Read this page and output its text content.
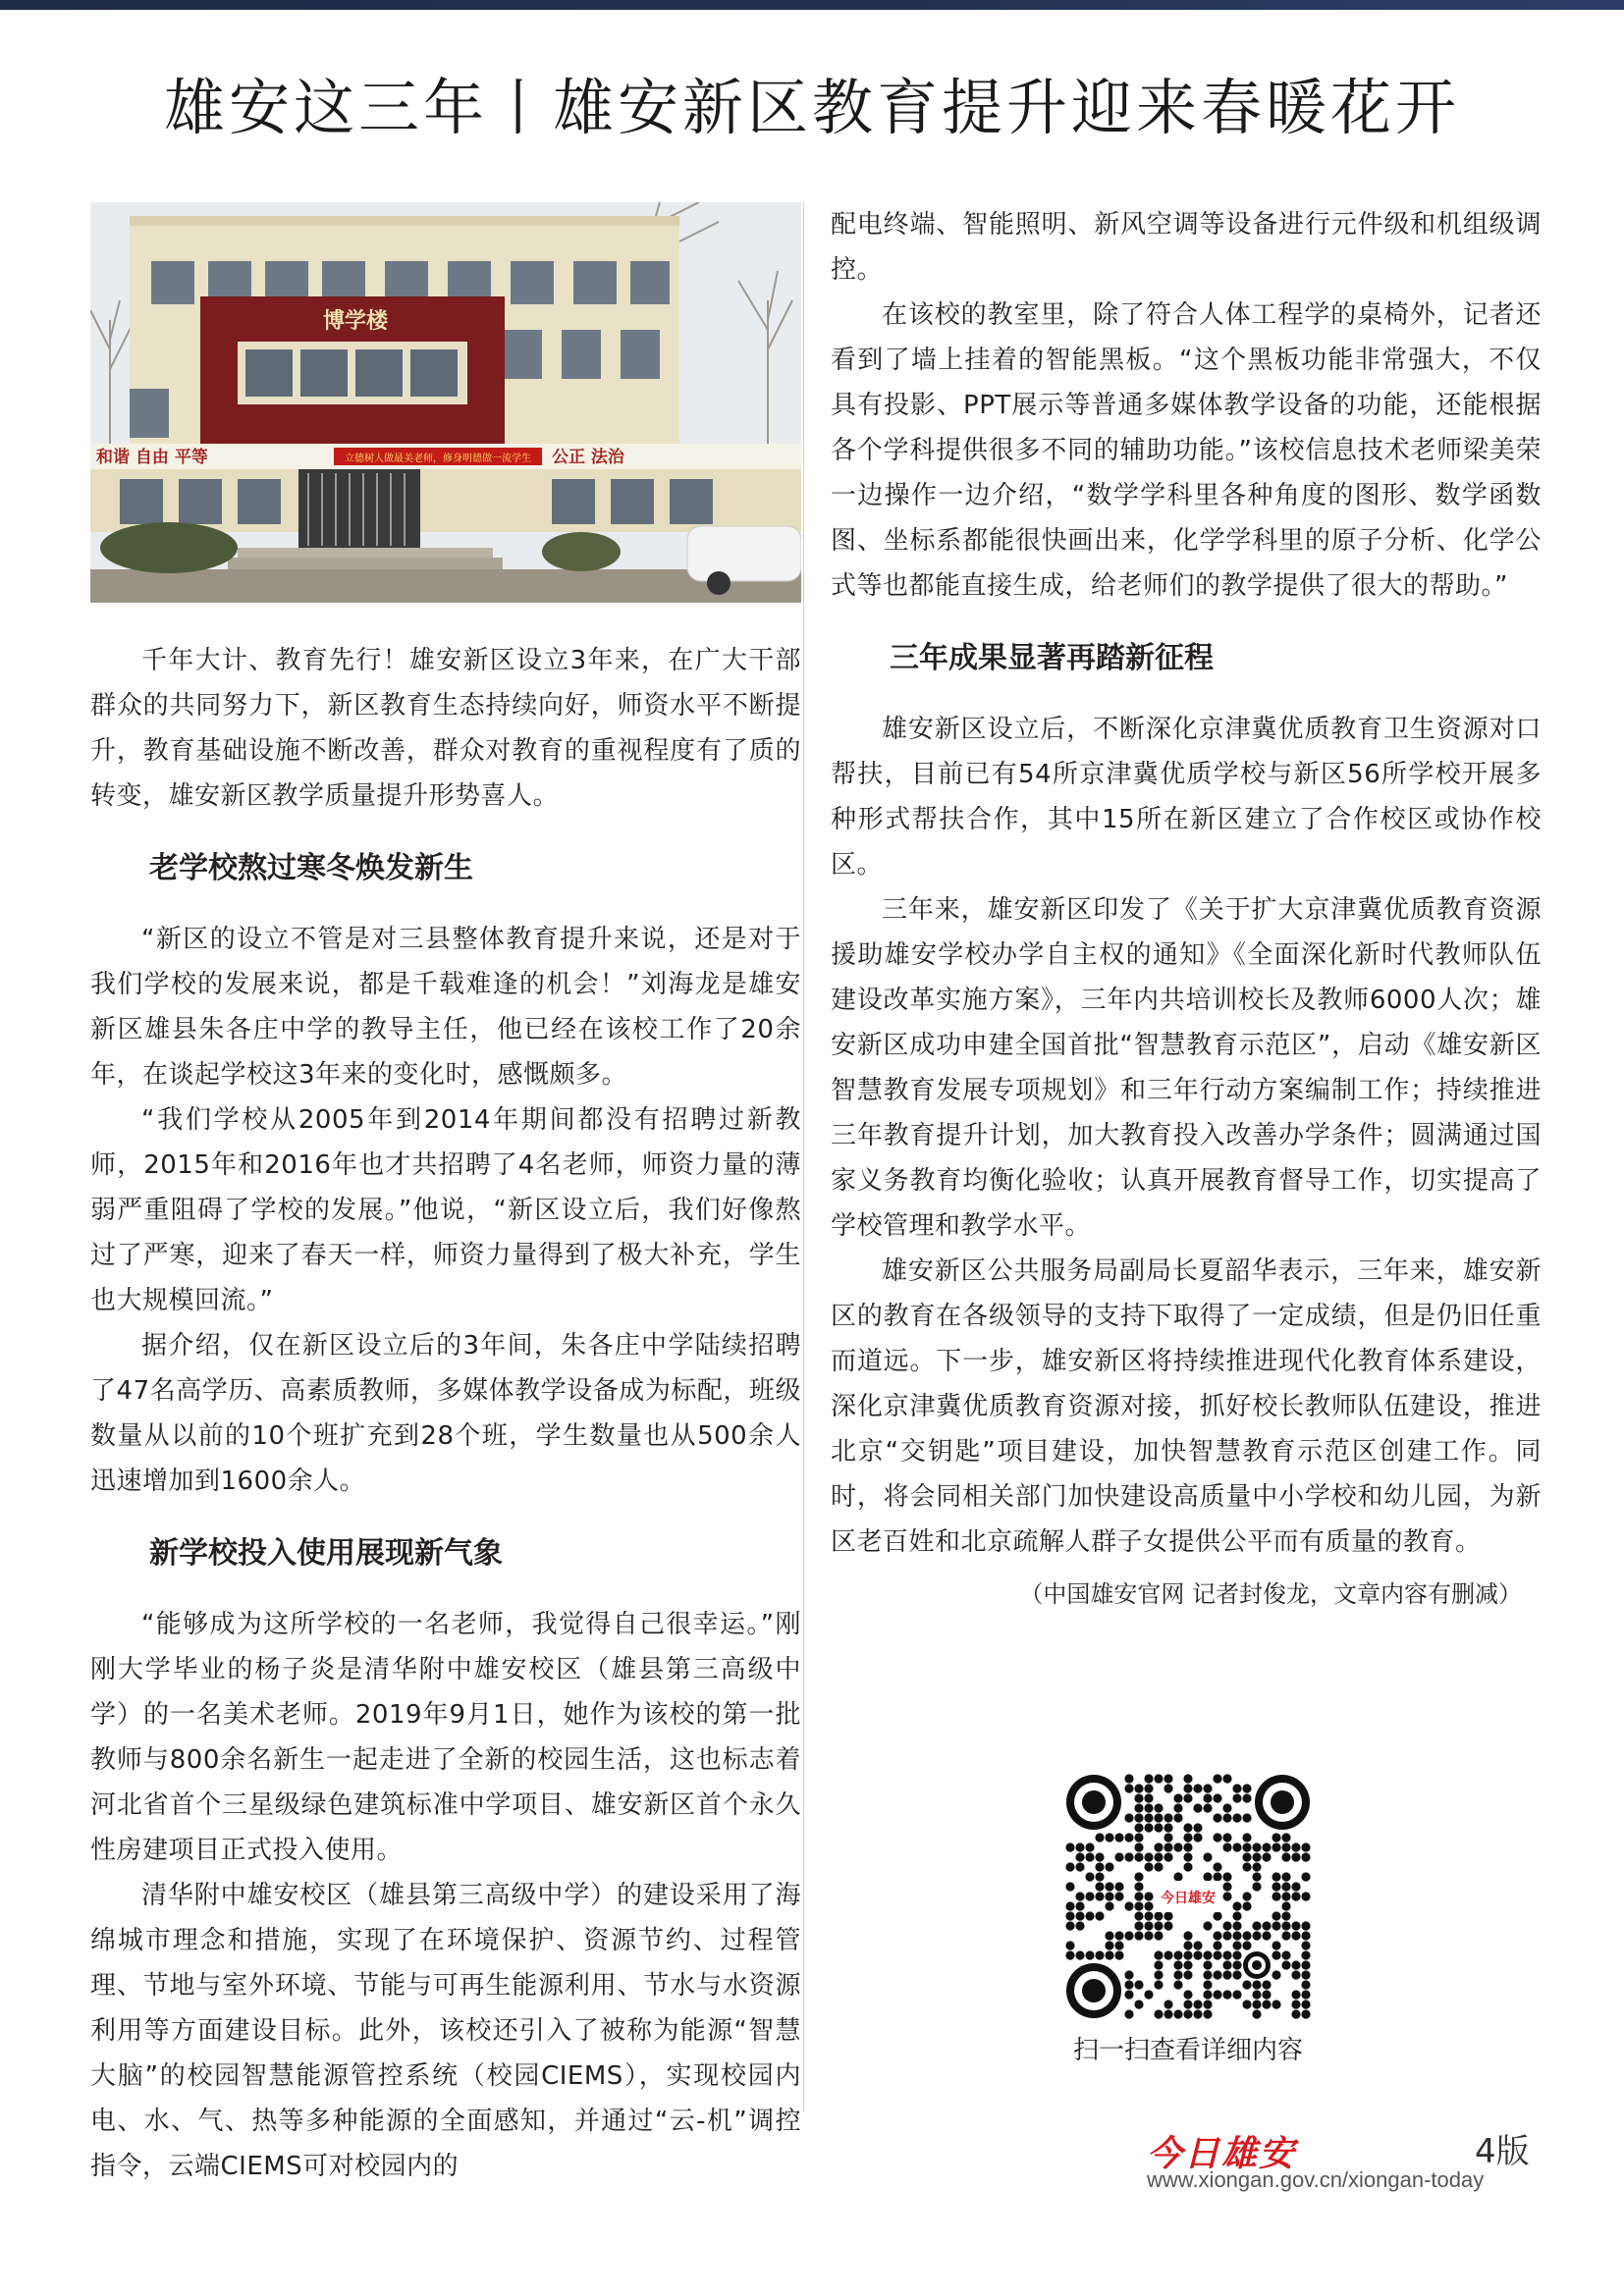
雄安这三年丨雄安新区教育提升迎来春暖花开
博学楼
和谐 自由 平等	立德树人做最美老师，修身明德做一流学生 公正 法治

千年大计、教育先行！雄安新区设立3年来，在广大干部群众的共同努力下，新区教育生态持续向好，师资水平不断提升，教育基础设施不断改善，群众对教育的重视程度有了质的转变，雄安新区教学质量提升形势喜人。

老学校熬过寒冬焕发新生

“新区的设立不管是对三县整体教育提升来说，还是对于我们学校的发展来说，都是千载难逢的机会！”刘海龙是雄安新区雄县朱各庄中学的教导主任，他已经在该校工作了20余年，在谈起学校这3年来的变化时，感慨颇多。

“我们学校从2005年到2014年期间都没有招聘过新教师，2015年和2016年也才共招聘了4名老师，师资力量的薄弱严重阻碍了学校的发展。”他说，“新区设立后，我们好像熬过了严寒，迎来了春天一样，师资力量得到了极大补充，学生也大规模回流。”

据介绍，仅在新区设立后的3年间，朱各庄中学陆续招聘了47名高学历、高素质教师，多媒体教学设备成为标配，班级数量从以前的10个班扩充到28个班，学生数量也从500余人迅速增加到1600余人。

新学校投入使用展现新气象

“能够成为这所学校的一名老师，我觉得自己很幸运。”刚刚大学毕业的杨子炎是清华附中雄安校区（雄县第三高级中学）的一名美术老师。2019年9月1日，她作为该校的第一批教师与800余名新生一起走进了全新的校园生活，这也标志着河北省首个三星级绿色建筑标准中学项目、雄安新区首个永久性房建项目正式投入使用。

清华附中雄安校区（雄县第三高级中学）的建设采用了海绵城市理念和措施，实现了在环境保护、资源节约、过程管理、节地与室外环境、节能与可再生能源利用、节水与水资源利用等方面建设目标。此外，该校还引入了被称为能源“智慧大脑”的校园智慧能源管控系统（校园CIEMS），实现校园内电、水、气、热等多种能源的全面感知，并通过“云-机”调控指令，云端CIEMS可对校园内的

配电终端、智能照明、新风空调等设备进行元件级和机组级调控。

在该校的教室里，除了符合人体工程学的桌椅外，记者还看到了墙上挂着的智能黑板。“这个黑板功能非常强大，不仅具有投影、PPT展示等普通多媒体教学设备的功能，还能根据各个学科提供很多不同的辅助功能。”该校信息技术老师梁美荣一边操作一边介绍，“数学学科里各种角度的图形、数学函数图、坐标系都能很快画出来，化学学科里的原子分析、化学公式等也都能直接生成，给老师们的教学提供了很大的帮助。”

三年成果显著再踏新征程

雄安新区设立后，不断深化京津冀优质教育卫生资源对口帮扶，目前已有54所京津冀优质学校与新区56所学校开展多种形式帮扶合作，其中15所在新区建立了合作校区或协作校区。

三年来，雄安新区印发了《关于扩大京津冀优质教育资源援助雄安学校办学自主权的通知》《全面深化新时代教师队伍建设改革实施方案》，三年内共培训校长及教师6000人次；雄安新区成功申建全国首批“智慧教育示范区”，启动《雄安新区智慧教育发展专项规划》和三年行动方案编制工作；持续推进三年教育提升计划，加大教育投入改善办学条件；圆满通过国家义务教育均衡化验收；认真开展教育督导工作，切实提高了学校管理和教学水平。

雄安新区公共服务局副局长夏韶华表示，三年来，雄安新区的教育在各级领导的支持下取得了一定成绩，但是仍旧任重而道远。下一步，雄安新区将持续推进现代化教育体系建设，深化京津冀优质教育资源对接，抓好校长教师队伍建设，推进北京“交钥匙”项目建设，加快智慧教育示范区创建工作。同时，将会同相关部门加快建设高质量中小学校和幼儿园，为新区老百姓和北京疏解人群子女提供公平而有质量的教育。

（中国雄安官网 记者封俊龙，文章内容有删减）
今日雄安
扫一扫查看详细内容
今日雄安	4版
www.xiongan.gov.cn/xiongan-today
